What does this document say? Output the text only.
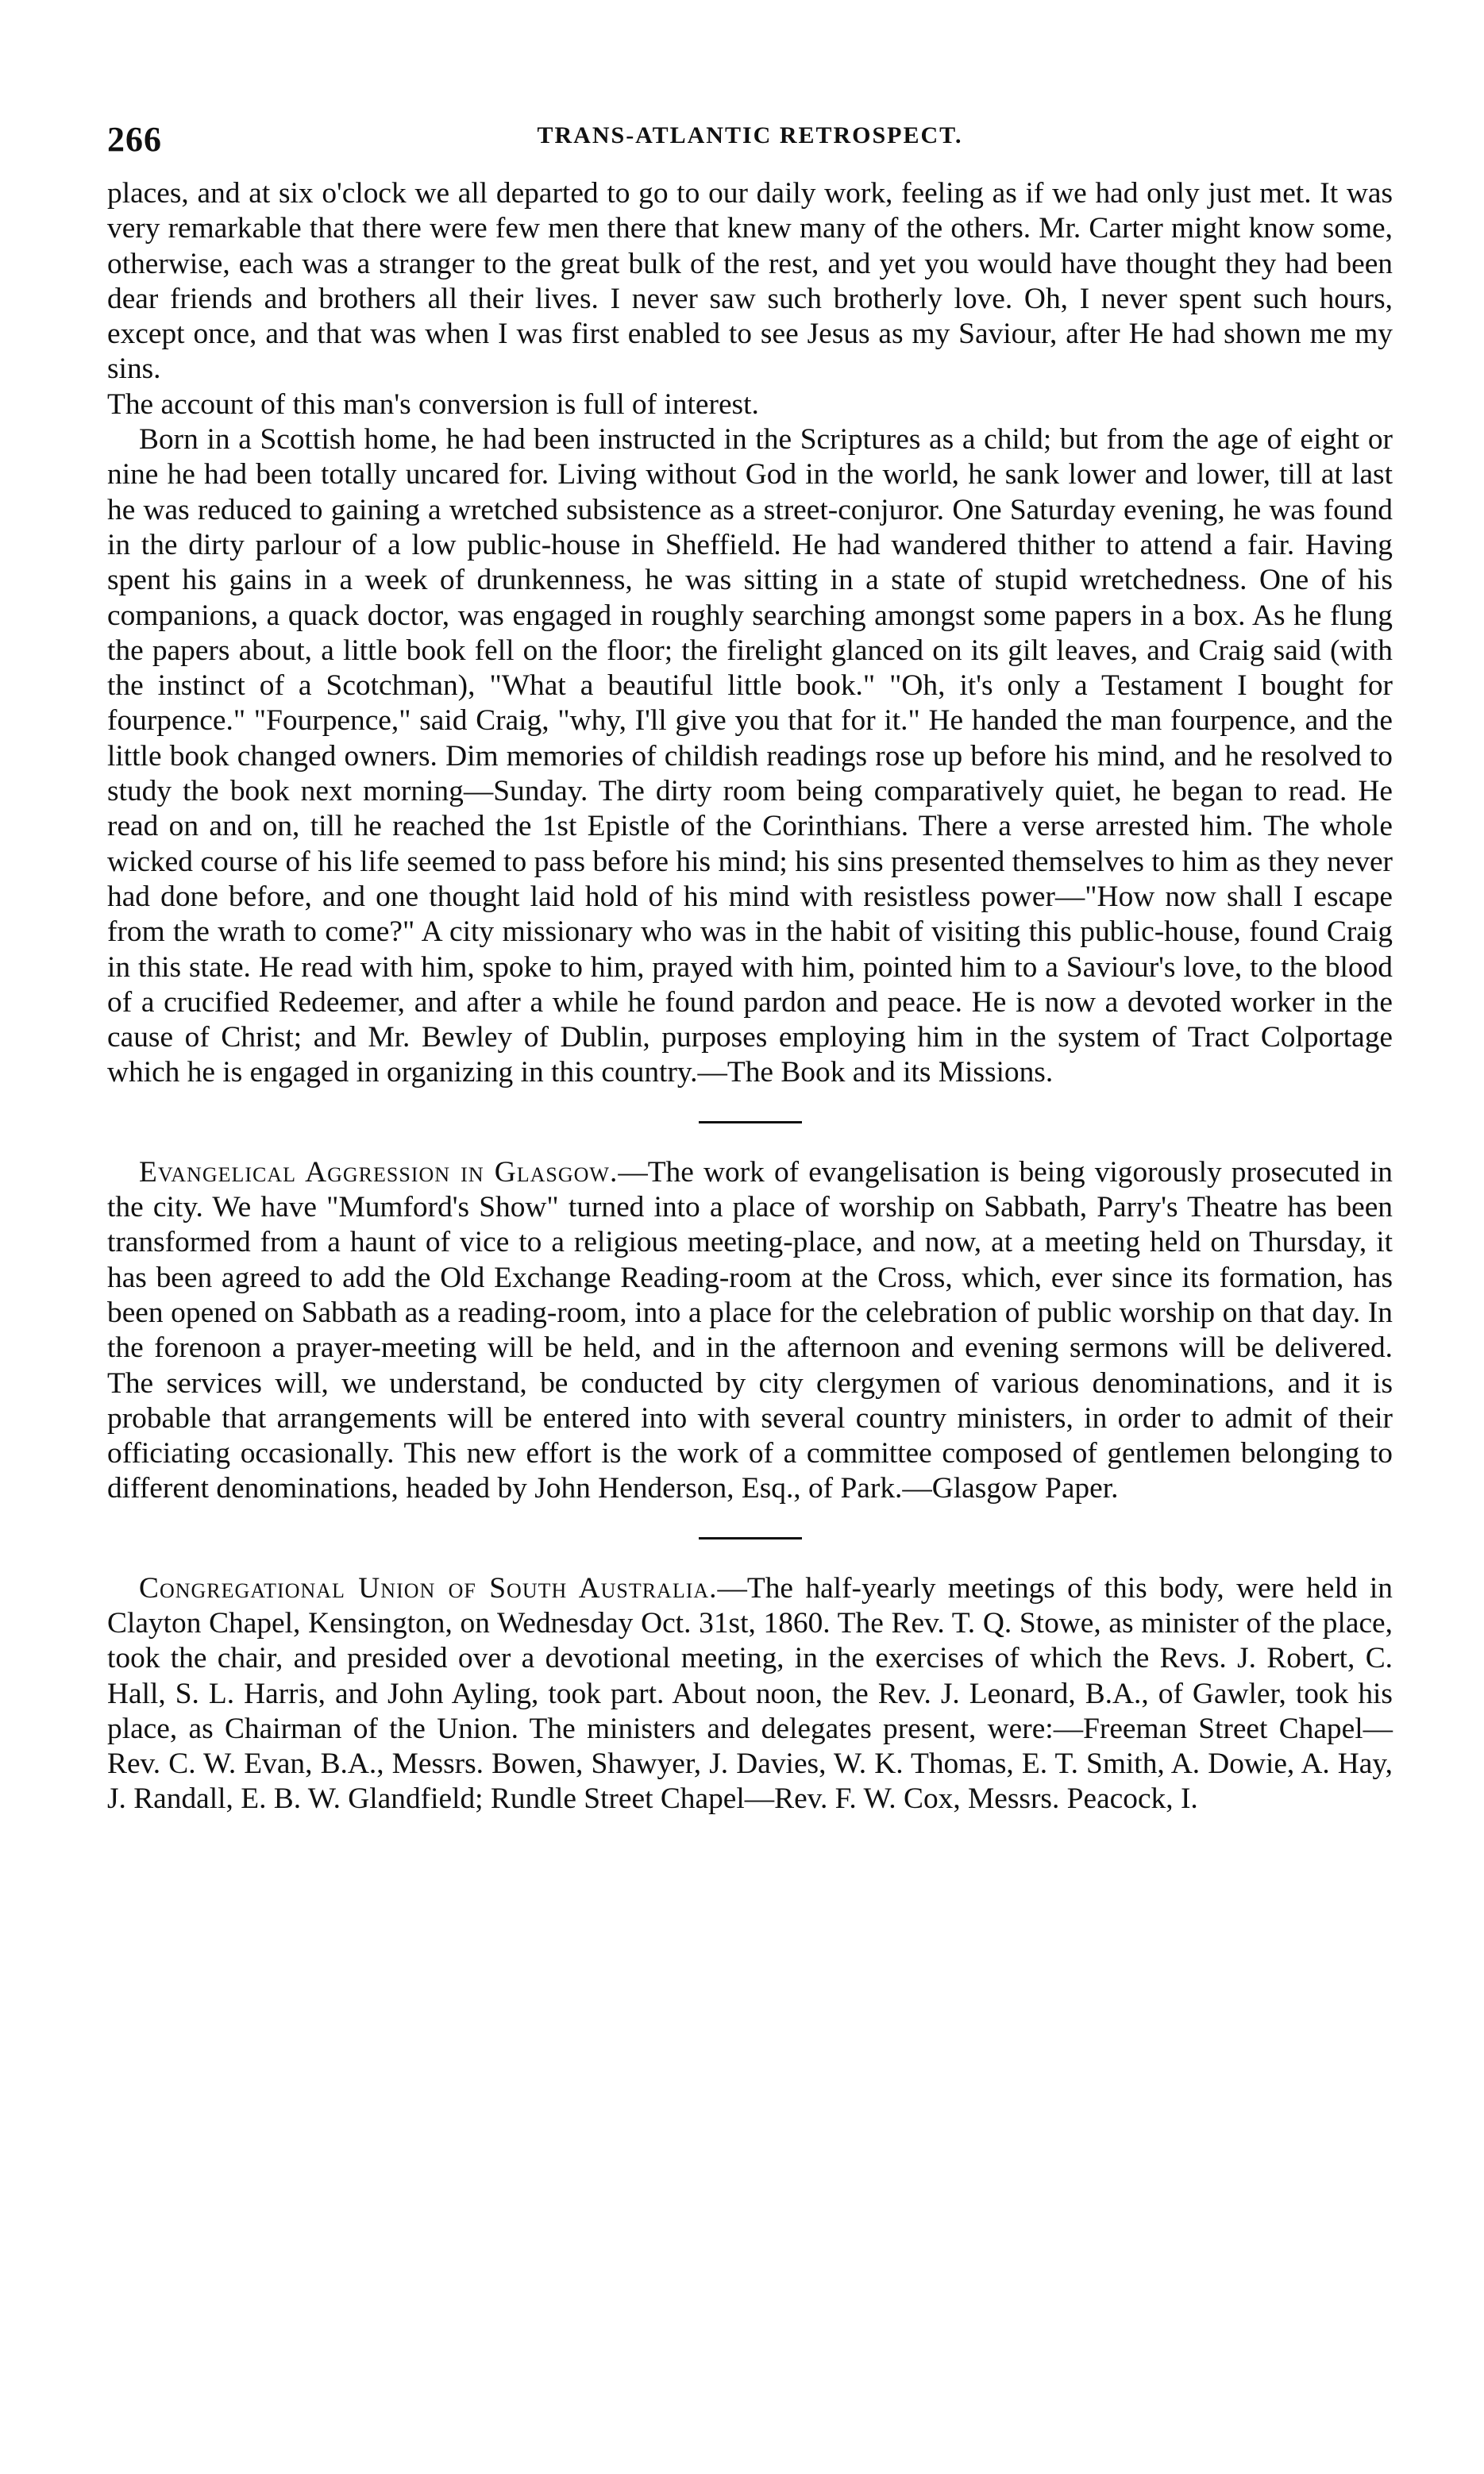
266	TRANS-ATLANTIC RETROSPECT.

places, and at six o'clock we all departed to go to our daily work, feeling as if we had only just met. It was very remarkable that there were few men there that knew many of the others. Mr. Carter might know some, otherwise, each was a stranger to the great bulk of the rest, and yet you would have thought they had been dear friends and brothers all their lives. I never saw such brotherly love. Oh, I never spent such hours, except once, and that was when I was first enabled to see Jesus as my Saviour, after He had shown me my sins.

The account of this man's conversion is full of interest.

Born in a Scottish home, he had been instructed in the Scriptures as a child; but from the age of eight or nine he had been totally uncared for. Living without God in the world, he sank lower and lower, till at last he was reduced to gaining a wretched subsistence as a street-conjuror. One Saturday evening, he was found in the dirty parlour of a low public-house in Sheffield. He had wandered thither to attend a fair. Having spent his gains in a week of drunkenness, he was sitting in a state of stupid wretchedness. One of his companions, a quack doctor, was engaged in roughly searching amongst some papers in a box. As he flung the papers about, a little book fell on the floor; the firelight glanced on its gilt leaves, and Craig said (with the instinct of a Scotchman), "What a beautiful little book." "Oh, it's only a Testament I bought for fourpence." "Fourpence," said Craig, "why, I'll give you that for it." He handed the man fourpence, and the little book changed owners. Dim memories of childish readings rose up before his mind, and he resolved to study the book next morning—Sunday. The dirty room being comparatively quiet, he began to read. He read on and on, till he reached the 1st Epistle of the Corinthians. There a verse arrested him. The whole wicked course of his life seemed to pass before his mind; his sins presented themselves to him as they never had done before, and one thought laid hold of his mind with resistless power—"How now shall I escape from the wrath to come?" A city missionary who was in the habit of visiting this public-house, found Craig in this state. He read with him, spoke to him, prayed with him, pointed him to a Saviour's love, to the blood of a crucified Redeemer, and after a while he found pardon and peace. He is now a devoted worker in the cause of Christ; and Mr. Bewley of Dublin, purposes employing him in the system of Tract Colportage which he is engaged in organizing in this country.—The Book and its Missions.

Evangelical Aggression in Glasgow.—The work of evangelisation is being vigorously prosecuted in the city. We have "Mumford's Show" turned into a place of worship on Sabbath, Parry's Theatre has been transformed from a haunt of vice to a religious meeting-place, and now, at a meeting held on Thursday, it has been agreed to add the Old Exchange Reading-room at the Cross, which, ever since its formation, has been opened on Sabbath as a reading-room, into a place for the celebration of public worship on that day. In the forenoon a prayer-meeting will be held, and in the afternoon and evening sermons will be delivered. The services will, we understand, be conducted by city clergymen of various denominations, and it is probable that arrangements will be entered into with several country ministers, in order to admit of their officiating occasionally. This new effort is the work of a committee composed of gentlemen belonging to different denominations, headed by John Henderson, Esq., of Park.—Glasgow Paper.

Congregational Union of South Australia.—The half-yearly meetings of this body, were held in Clayton Chapel, Kensington, on Wednesday Oct. 31st, 1860. The Rev. T. Q. Stowe, as minister of the place, took the chair, and presided over a devotional meeting, in the exercises of which the Revs. J. Robert, C. Hall, S. L. Harris, and John Ayling, took part. About noon, the Rev. J. Leonard, B.A., of Gawler, took his place, as Chairman of the Union. The ministers and delegates present, were:—Freeman Street Chapel—Rev. C. W. Evan, B.A., Messrs. Bowen, Shawyer, J. Davies, W. K. Thomas, E. T. Smith, A. Dowie, A. Hay, J. Randall, E. B. W. Glandfield; Rundle Street Chapel—Rev. F. W. Cox, Messrs. Peacock, I.
